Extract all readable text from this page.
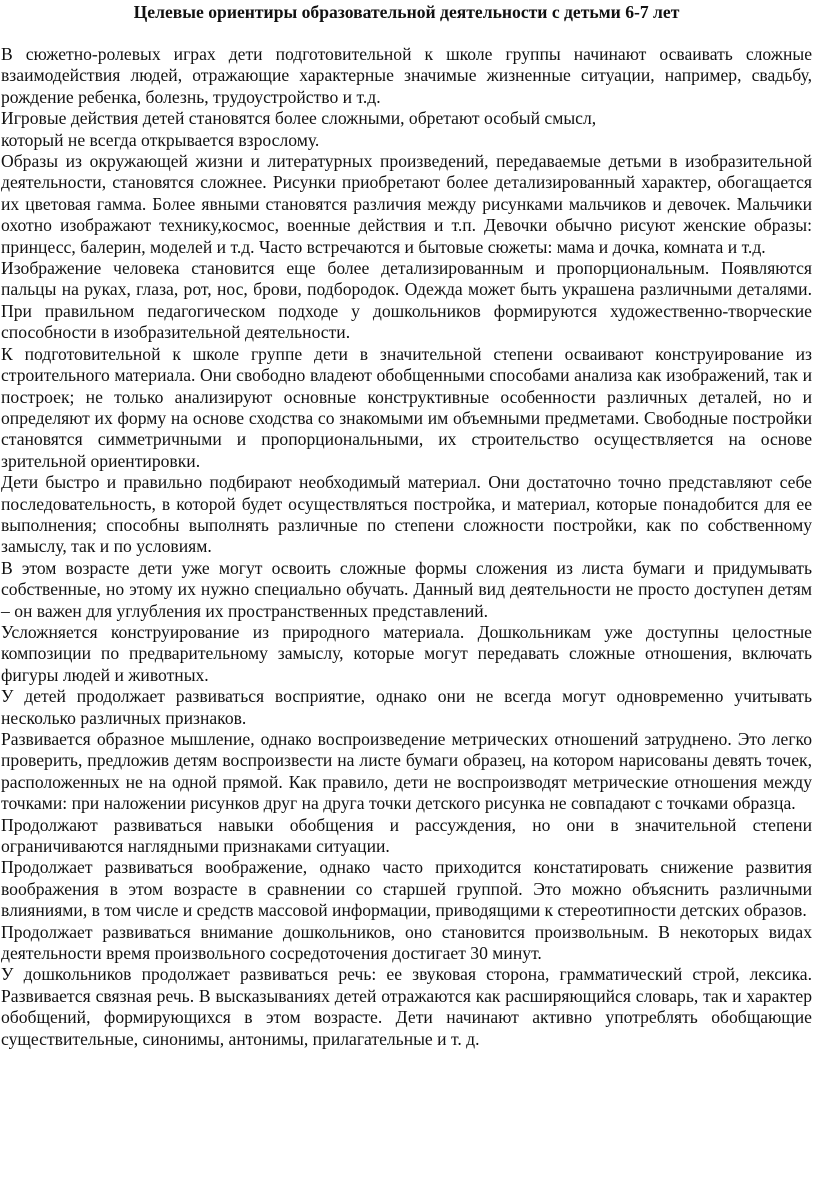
Целевые ориентиры образовательной деятельности с детьми 6-7 лет

В сюжетно-ролевых играх дети подготовительной к школе группы начинают осваивать сложные взаимодействия людей, отражающие характерные значимые жизненные ситуации, например, свадьбу, рождение ребенка, болезнь, трудоустройство и т.д.

Игровые действия детей становятся более сложными, обретают особый смысл,
который не всегда открывается взрослому.

Образы из окружающей жизни и литературных произведений, передаваемые детьми в изобразительной деятельности, становятся сложнее. Рисунки приобретают более детализированный характер, обогащается их цветовая гамма. Более явными становятся различия между рисунками мальчиков и девочек. Мальчики охотно изображают технику,космос, военные действия и т.п. Девочки обычно рисуют женские образы: принцесс, балерин, моделей и т.д. Часто встречаются и бытовые сюжеты: мама и дочка, комната и т.д.

Изображение человека становится еще более детализированным и пропорциональным. Появляются пальцы на руках, глаза, рот, нос, брови, подбородок. Одежда может быть украшена различными деталями. При правильном педагогическом подходе у дошкольников формируются художественно-творческие способности в изобразительной деятельности.

К подготовительной к школе группе дети в значительной степени осваивают конструирование из строительного материала. Они свободно владеют обобщенными способами анализа как изображений, так и построек; не только анализируют основные конструктивные особенности различных деталей, но и определяют их форму на основе сходства со знакомыми им объемными предметами. Свободные постройки становятся симметричными и пропорциональными, их строительство осуществляется на основе зрительной ориентировки.

Дети быстро и правильно подбирают необходимый материал. Они достаточно точно представляют себе последовательность, в которой будет осуществляться постройка, и материал, которые понадобится для ее выполнения; способны выполнять различные по степени сложности постройки, как по собственному замыслу, так и по условиям.

В этом возрасте дети уже могут освоить сложные формы сложения из листа бумаги и придумывать собственные, но этому их нужно специально обучать. Данный вид деятельности не просто доступен детям – он важен для углубления их пространственных представлений.

Усложняется конструирование из природного материала. Дошкольникам уже доступны целостные композиции по предварительному замыслу, которые могут передавать сложные отношения, включать фигуры людей и животных.

У детей продолжает развиваться восприятие, однако они не всегда могут одновременно учитывать несколько различных признаков.

Развивается образное мышление, однако воспроизведение метрических отношений затруднено. Это легко проверить, предложив детям воспроизвести на листе бумаги образец, на котором нарисованы девять точек, расположенных не на одной прямой. Как правило, дети не воспроизводят метрические отношения между точками: при наложении рисунков друг на друга точки детского рисунка не совпадают с точками образца.

Продолжают развиваться навыки обобщения и рассуждения, но они в значительной степени ограничиваются наглядными признаками ситуации.

Продолжает развиваться воображение, однако часто приходится констатировать снижение развития воображения в этом возрасте в сравнении со старшей группой. Это можно объяснить различными влияниями, в том числе и средств массовой информации, приводящими к стереотипности детских образов.

Продолжает развиваться внимание дошкольников, оно становится произвольным. В некоторых видах деятельности время произвольного сосредоточения достигает 30 минут.

У дошкольников продолжает развиваться речь: ее звуковая сторона, грамматический строй, лексика. Развивается связная речь. В высказываниях детей отражаются как расширяющийся словарь, так и характер обобщений, формирующихся в этом возрасте. Дети начинают активно употреблять обобщающие существительные, синонимы, антонимы, прилагательные и т. д.
